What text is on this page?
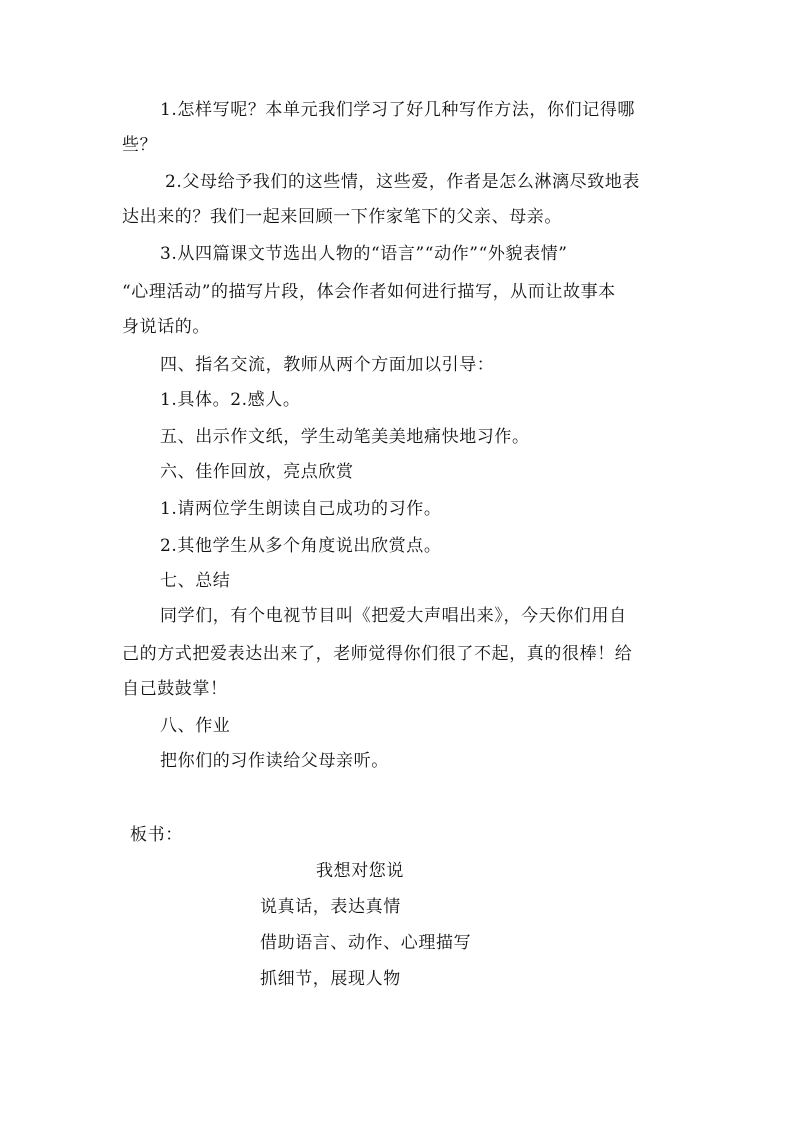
1.怎样写呢？本单元我们学习了好几种写作方法，你们记得哪
些？
2.父母给予我们的这些情，这些爱，作者是怎么淋漓尽致地表
达出来的？我们一起来回顾一下作家笔下的父亲、母亲。
3.从四篇课文节选出人物的“语言”“动作”“外貌表情”
“心理活动”的描写片段，体会作者如何进行描写，从而让故事本
身说话的。
四、指名交流，教师从两个方面加以引导：
1.具体。2.感人。
五、出示作文纸，学生动笔美美地痛快地习作。
六、佳作回放，亮点欣赏
1.请两位学生朗读自己成功的习作。
2.其他学生从多个角度说出欣赏点。
七、总结
同学们，有个电视节目叫《把爱大声唱出来》，今天你们用自
己的方式把爱表达出来了，老师觉得你们很了不起，真的很棒！给
自己鼓鼓掌！
八、作业
把你们的习作读给父母亲听。
板书：
我想对您说
说真话，表达真情
借助语言、动作、心理描写
抓细节，展现人物
